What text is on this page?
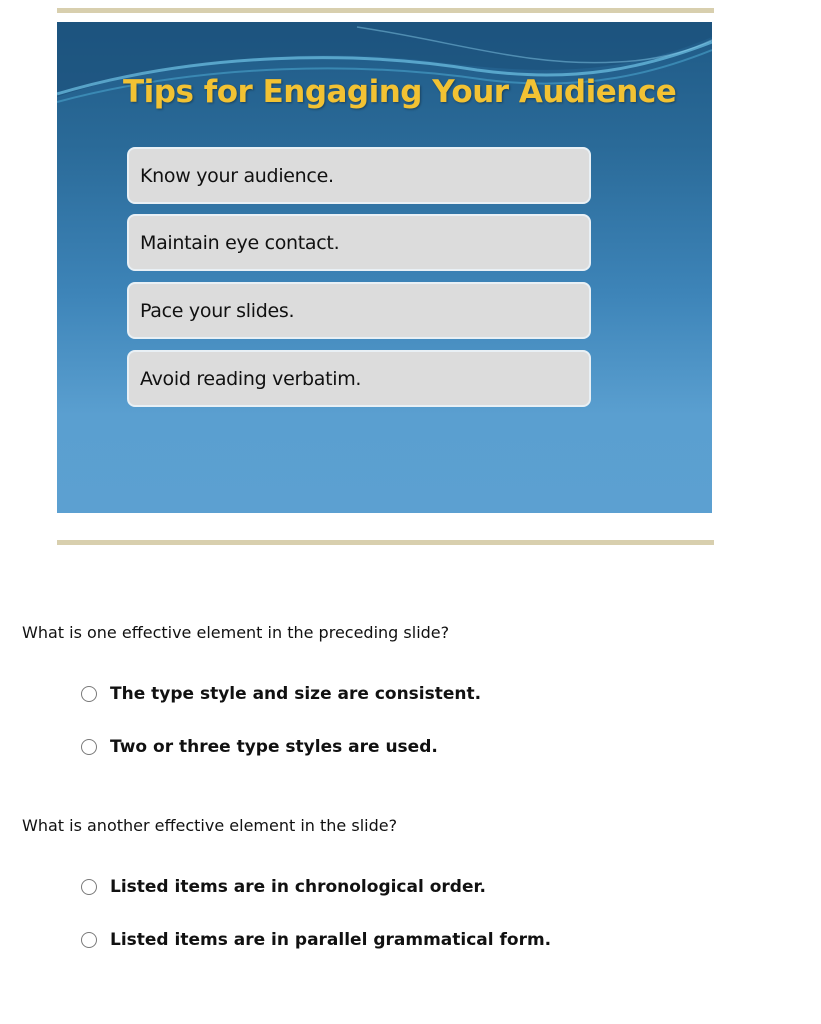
Tips for Engaging Your Audience
Know your audience.
Maintain eye contact.
Pace your slides.
Avoid reading verbatim.
What is one effective element in the preceding slide?
The type style and size are consistent.
Two or three type styles are used.
What is another effective element in the slide?
Listed items are in chronological order.
Listed items are in parallel grammatical form.
